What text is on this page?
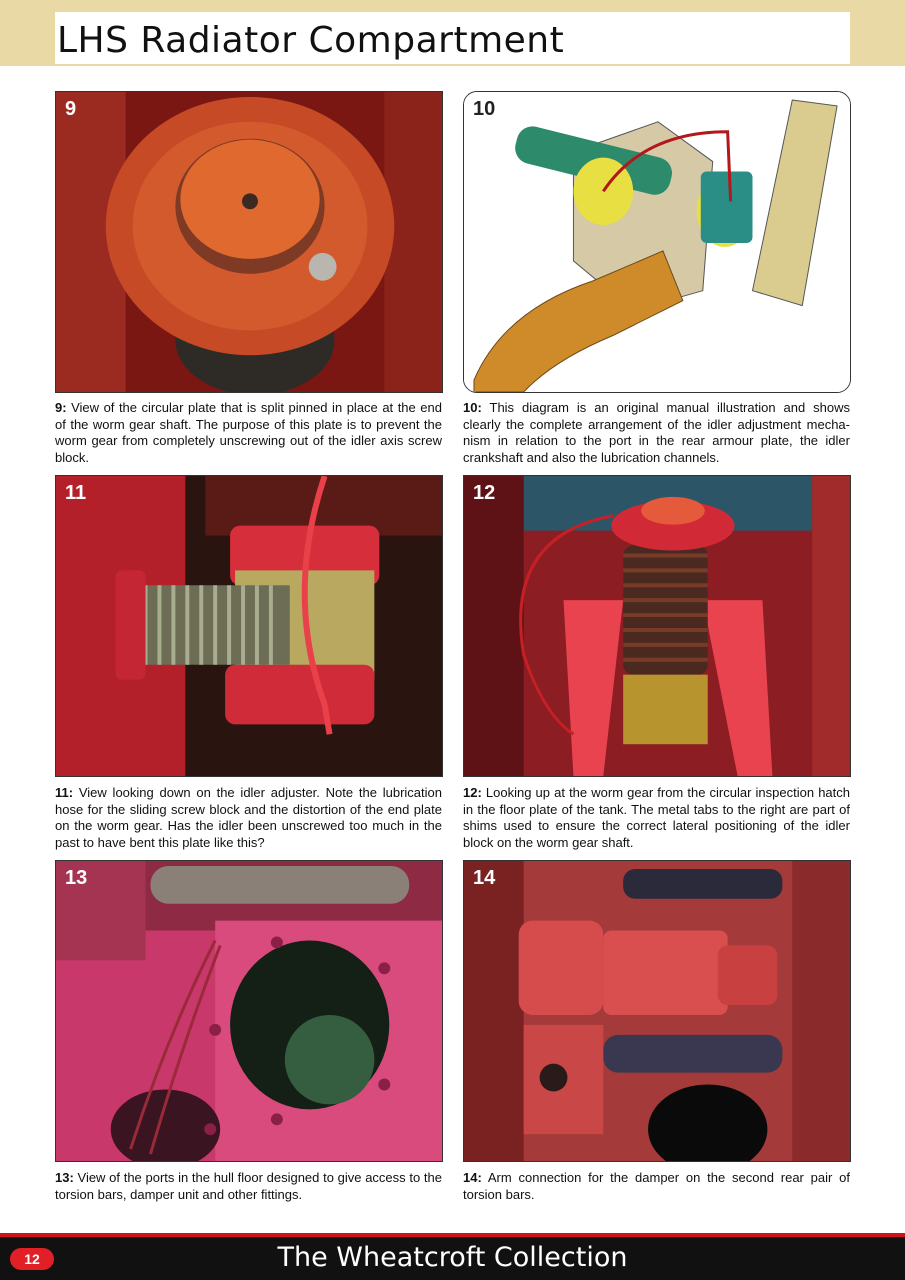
LHS Radiator Compartment
9
9: View of the circular plate that is split pinned in place at the end of the worm gear shaft. The purpose of this plate is to prevent the worm gear from completely unscrewing out of the idler axis screw block.
10
10: This diagram is an original manual illustration and shows clearly the complete arrangement of the idler adjustment mecha-nism in relation to the port in the rear armour plate, the idler crankshaft and also the lubrication channels.
11
11: View looking down on the idler adjuster. Note the lubrication hose for the sliding screw block and the distortion of the end plate on the worm gear. Has the idler been unscrewed too much in the past to have bent this plate like this?
12
12: Looking up at the worm gear from the circular inspection hatch in the floor plate of the tank. The metal tabs to the right are part of shims used to ensure the correct lateral positioning of the idler block on the worm gear shaft.
13
13: View of the ports in the hull floor designed to give access to the torsion bars, damper unit and other fittings.
14
14: Arm connection for the damper on the second rear pair of torsion bars.
12	The Wheatcroft Collection
